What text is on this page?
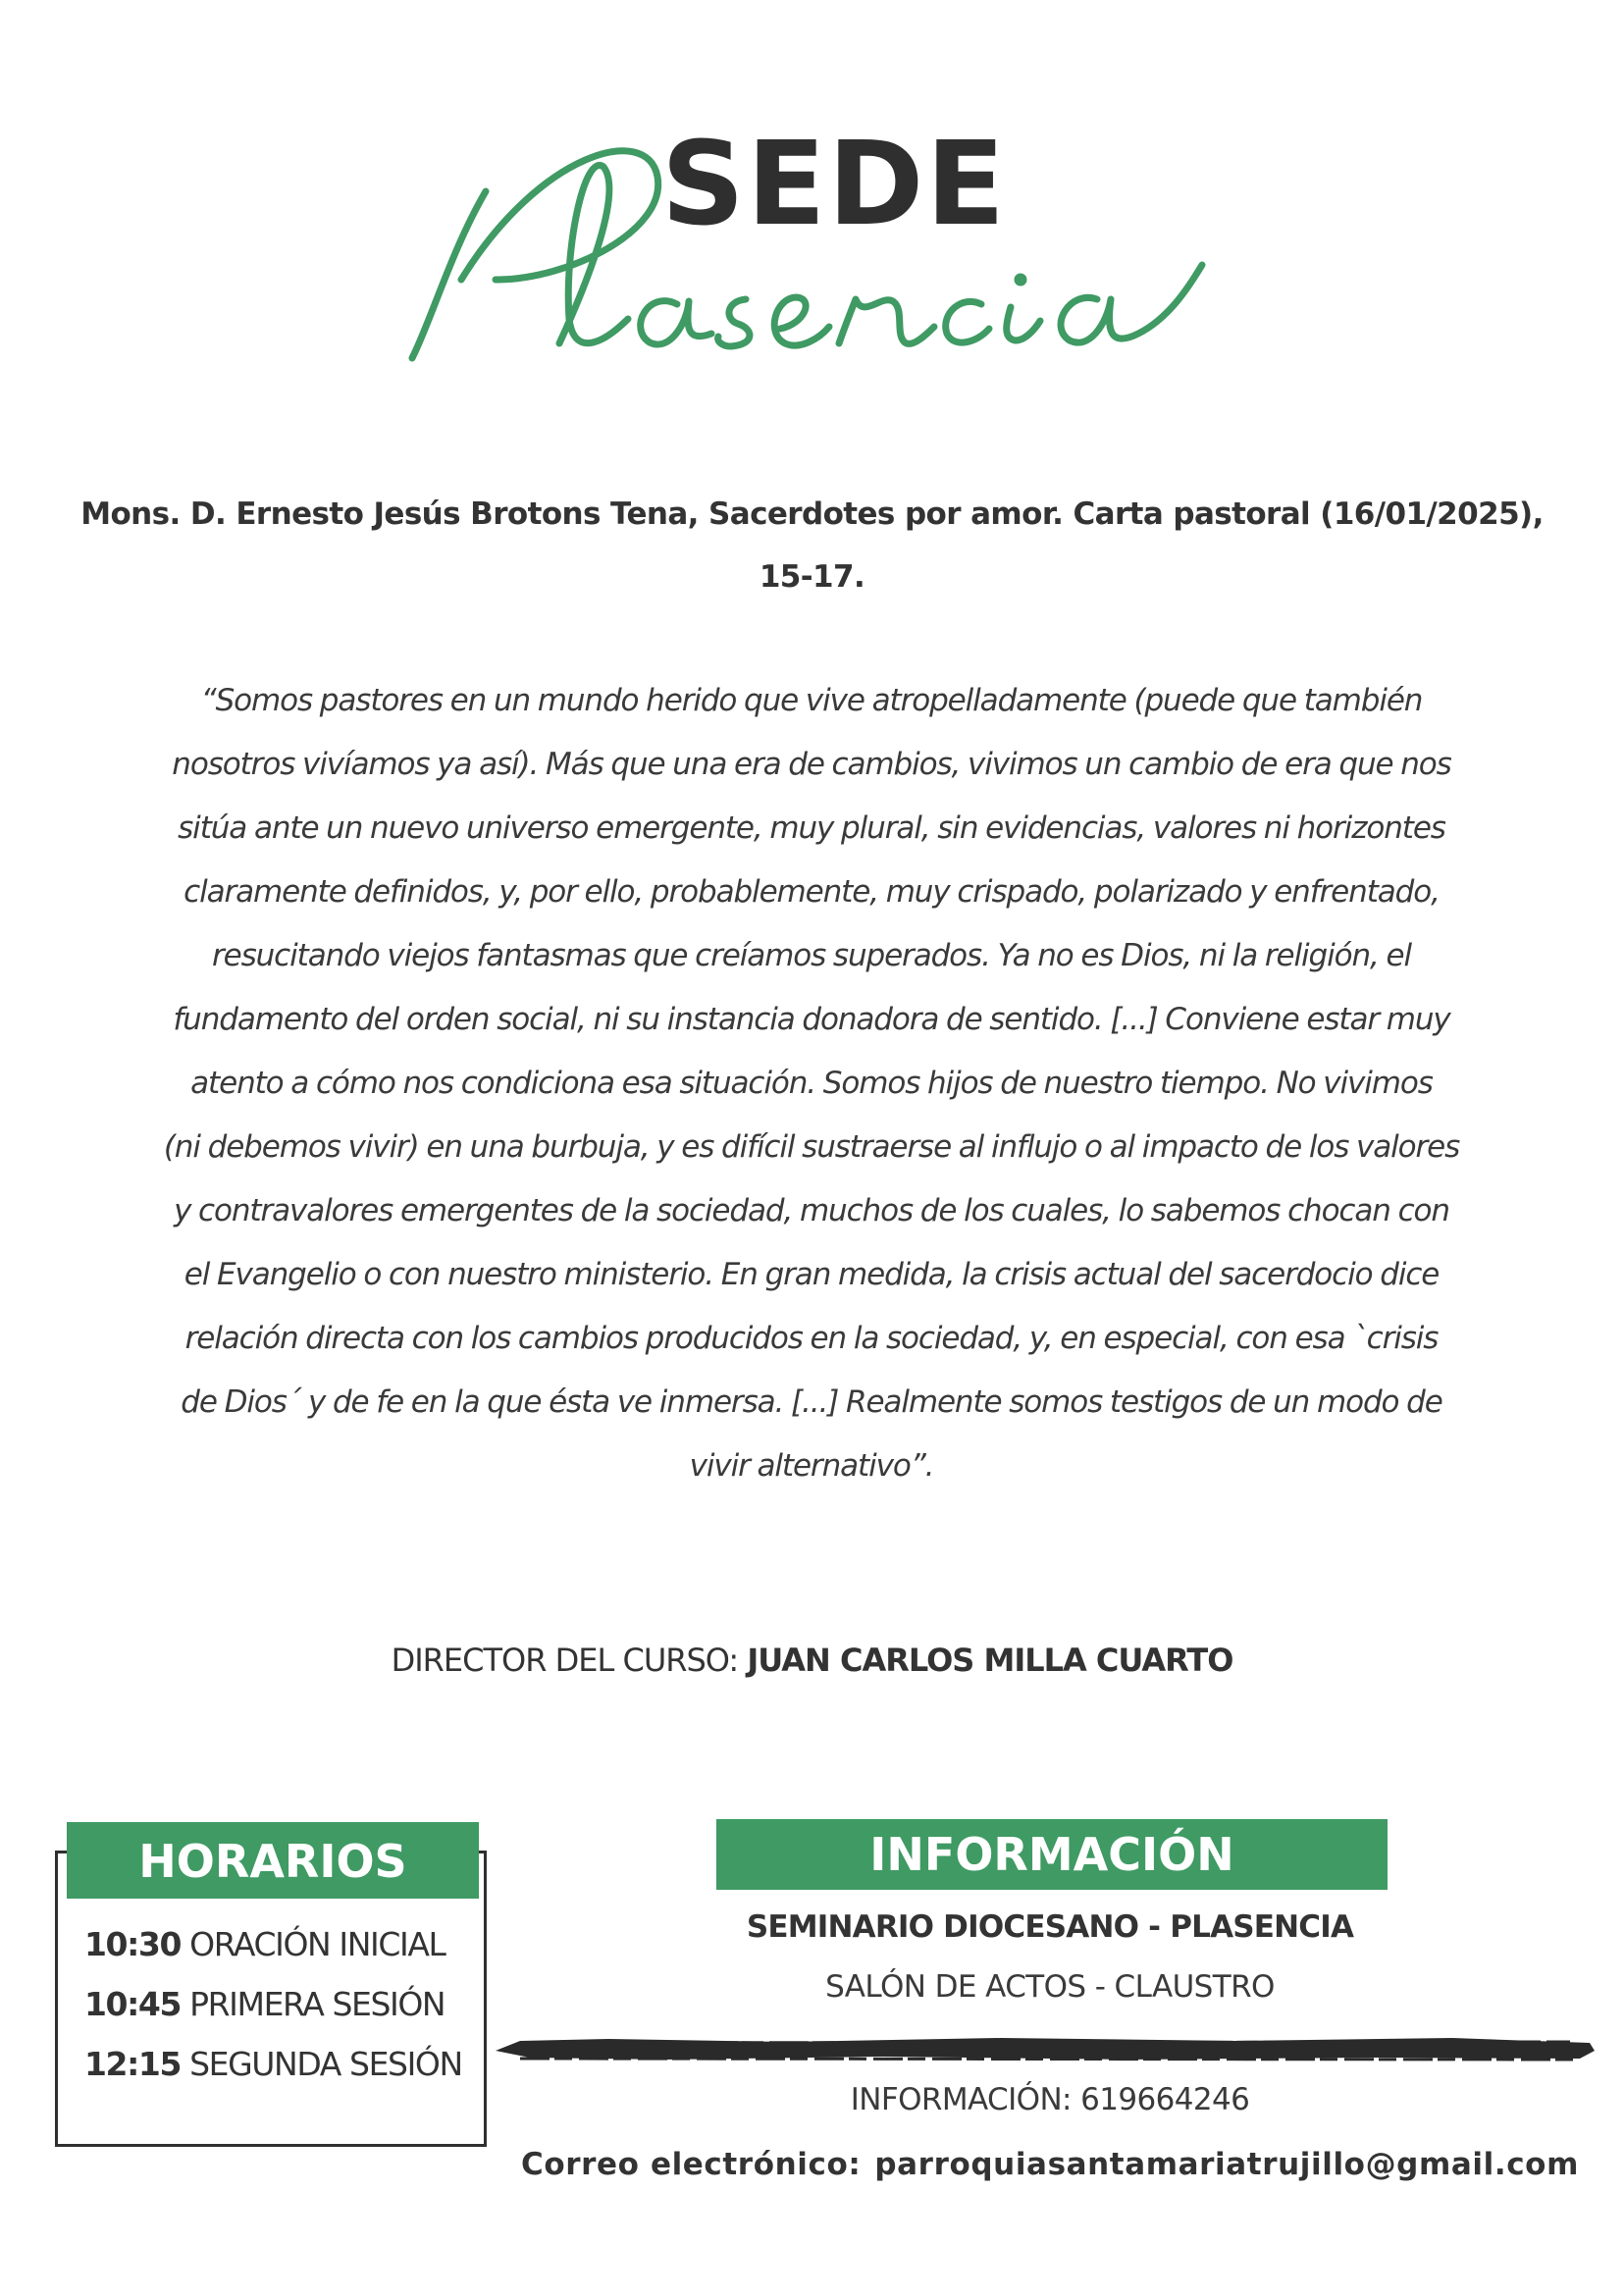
SEDE
Mons. D. Ernesto Jesús Brotons Tena, Sacerdotes por amor. Carta pastoral (16/01/2025),
15-17.
“Somos pastores en un mundo herido que vive atropelladamente (puede que también
nosotros vivíamos ya así). Más que una era de cambios, vivimos un cambio de era que nos
sitúa ante un nuevo universo emergente, muy plural, sin evidencias, valores ni horizontes
claramente definidos, y, por ello, probablemente, muy crispado, polarizado y enfrentado,
resucitando viejos fantasmas que creíamos superados. Ya no es Dios, ni la religión, el
fundamento del orden social, ni su instancia donadora de sentido. [...] Conviene estar muy
atento a cómo nos condiciona esa situación. Somos hijos de nuestro tiempo. No vivimos
(ni debemos vivir) en una burbuja, y es difícil sustraerse al influjo o al impacto de los valores
y contravalores emergentes de la sociedad, muchos de los cuales, lo sabemos chocan con
el Evangelio o con nuestro ministerio. En gran medida, la crisis actual del sacerdocio dice
relación directa con los cambios producidos en la sociedad, y, en especial, con esa `crisis
de Dios´ y de fe en la que ésta ve inmersa. [...] Realmente somos testigos de un modo de
vivir alternativo”.
DIRECTOR DEL CURSO: JUAN CARLOS MILLA CUARTO
HORARIOS
10:30 ORACIÓN INICIAL
10:45 PRIMERA SESIÓN
12:15 SEGUNDA SESIÓN
INFORMACIÓN
SEMINARIO DIOCESANO - PLASENCIA
SALÓN DE ACTOS - CLAUSTRO
INFORMACIÓN: 619664246
Correo electrónico: parroquiasantamariatrujillo@gmail.com
